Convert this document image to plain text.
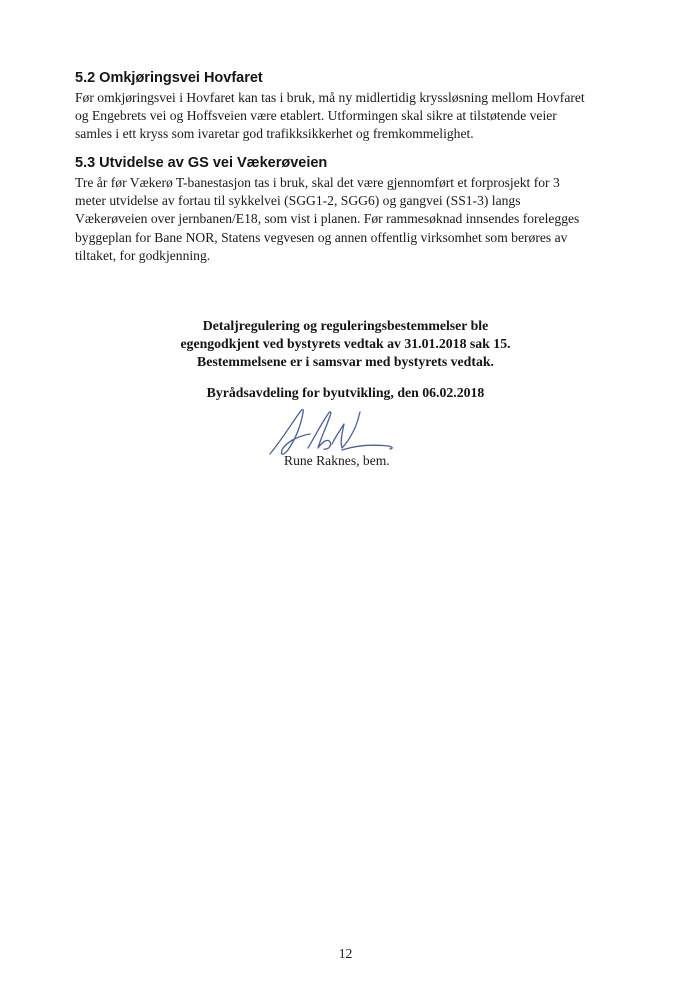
5.2 Omkjøringsvei Hovfaret

Før omkjøringsvei i Hovfaret kan tas i bruk, må ny midlertidig kryssløsning mellom Hovfaret
og Engebrets vei og Hoffsveien være etablert. Utformingen skal sikre at tilstøtende veier
samles i ett kryss som ivaretar god trafikksikkerhet og fremkommelighet.

5.3 Utvidelse av GS vei Vækerøveien

Tre år før Vækerø T-banestasjon tas i bruk, skal det være gjennomført et forprosjekt for 3
meter utvidelse av fortau til sykkelvei (SGG1-2, SGG6) og gangvei (SS1-3) langs
Vækerøveien over jernbanen/E18, som vist i planen. Før rammesøknad innsendes forelegges
byggeplan for Bane NOR, Statens vegvesen og annen offentlig virksomhet som berøres av
tiltaket, for godkjenning.

Detaljregulering og reguleringsbestemmelser ble
egengodkjent ved bystyrets vedtak av 31.01.2018 sak 15.
Bestemmelsene er i samsvar med bystyrets vedtak.
Byrådsavdeling for byutvikling, den 06.02.2018
Rune Raknes, bem.
12
